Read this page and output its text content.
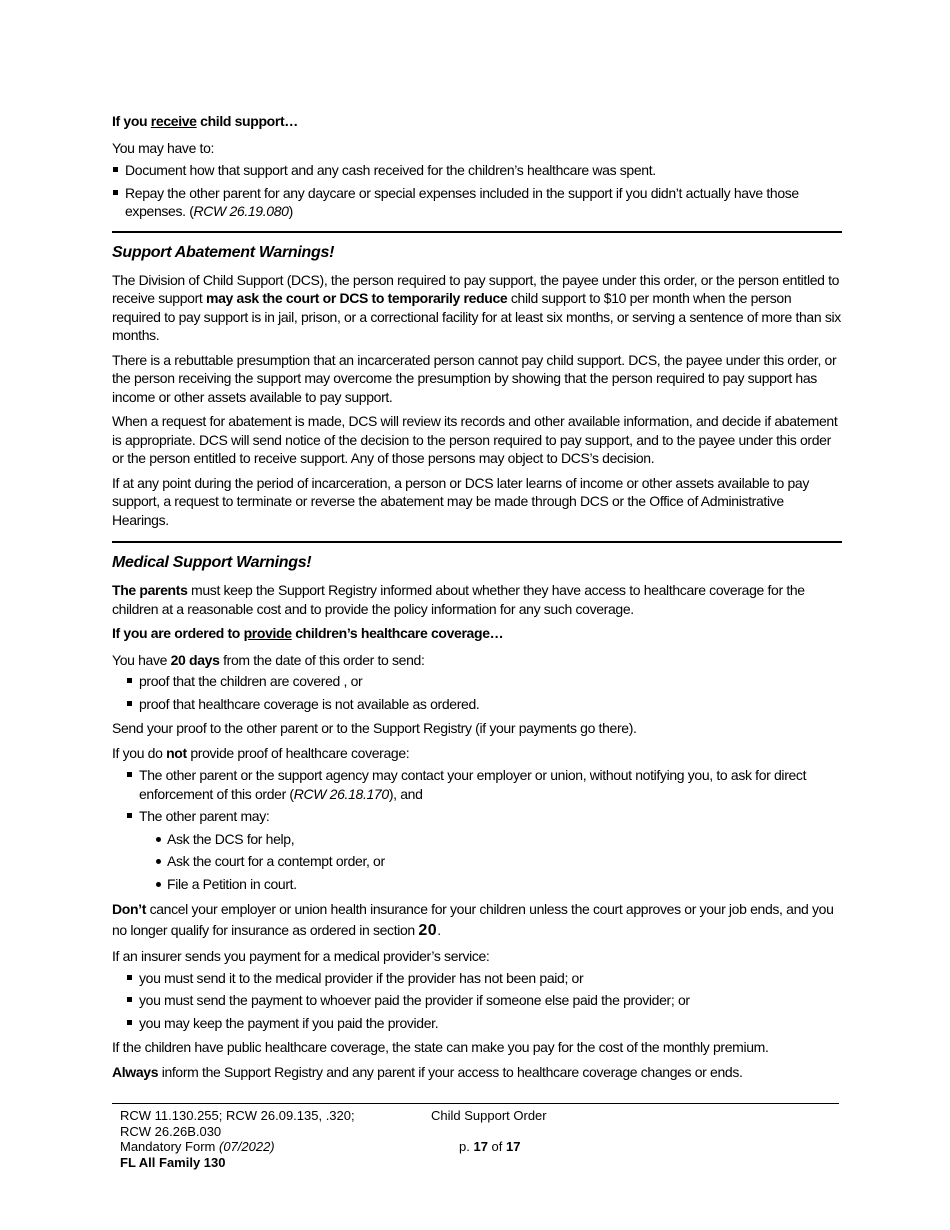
If you receive child support…

You may have to:

Document how that support and any cash received for the children’s healthcare was spent.
Repay the other parent for any daycare or special expenses included in the support if you didn’t actually have those expenses. (RCW 26.19.080)
Support Abatement Warnings!

The Division of Child Support (DCS), the person required to pay support, the payee under this order, or the person entitled to receive support may ask the court or DCS to temporarily reduce child support to $10 per month when the person required to pay support is in jail, prison, or a correctional facility for at least six months, or serving a sentence of more than six months.

There is a rebuttable presumption that an incarcerated person cannot pay child support. DCS, the payee under this order, or the person receiving the support may overcome the presumption by showing that the person required to pay support has income or other assets available to pay support.

When a request for abatement is made, DCS will review its records and other available information, and decide if abatement is appropriate. DCS will send notice of the decision to the person required to pay support, and to the payee under this order or the person entitled to receive support. Any of those persons may object to DCS’s decision.

If at any point during the period of incarceration, a person or DCS later learns of income or other assets available to pay support, a request to terminate or reverse the abatement may be made through DCS or the Office of Administrative Hearings.

Medical Support Warnings!

The parents must keep the Support Registry informed about whether they have access to healthcare coverage for the children at a reasonable cost and to provide the policy information for any such coverage.

If you are ordered to provide children’s healthcare coverage…

You have 20 days from the date of this order to send:

proof that the children are covered , or
proof that healthcare coverage is not available as ordered.

Send your proof to the other parent or to the Support Registry (if your payments go there).

If you do not provide proof of healthcare coverage:

The other parent or the support agency may contact your employer or union, without notifying you, to ask for direct enforcement of this order (RCW 26.18.170), and
The other parent may:
Ask the DCS for help,
Ask the court for a contempt order, or
File a Petition in court.

Don’t cancel your employer or union health insurance for your children unless the court approves or your job ends, and you no longer qualify for insurance as ordered in section 20.

If an insurer sends you payment for a medical provider’s service:

you must send it to the medical provider if the provider has not been paid; or
you must send the payment to whoever paid the provider if someone else paid the provider; or
you may keep the payment if you paid the provider.

If the children have public healthcare coverage, the state can make you pay for the cost of the monthly premium.

Always inform the Support Registry and any parent if your access to healthcare coverage changes or ends.

RCW 11.130.255; RCW 26.09.135, .320;
RCW 26.26B.030
Mandatory Form (07/2022)
FL All Family 130
Child Support Order

p. 17 of 17
